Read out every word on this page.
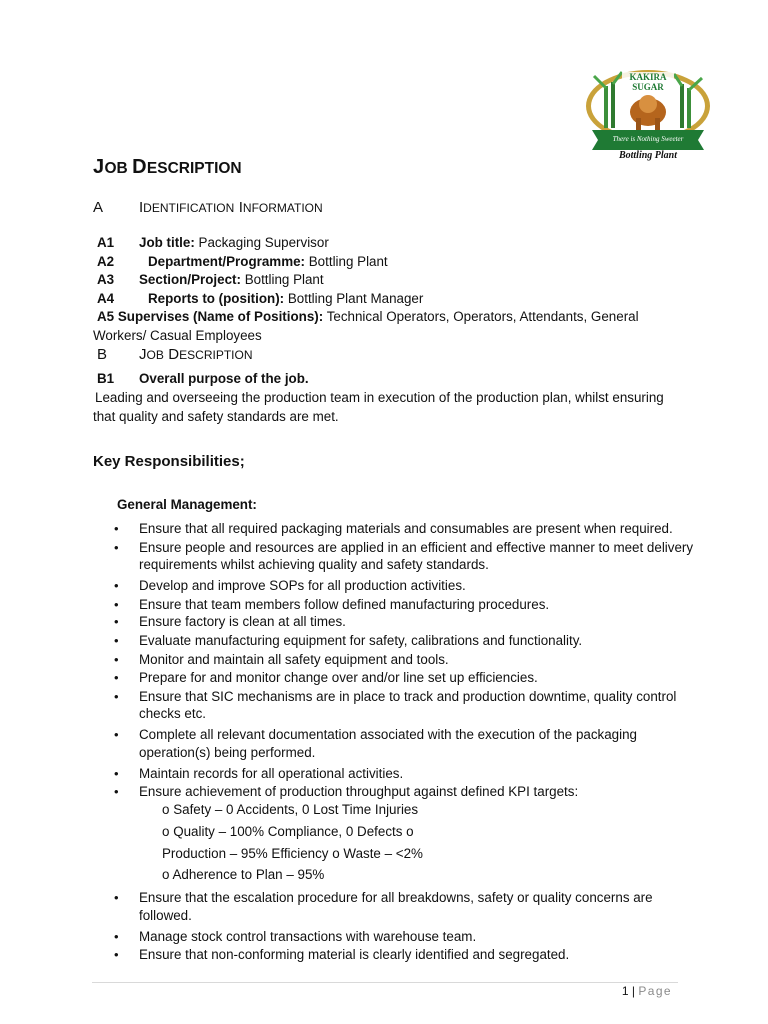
KAKIRA
SUGAR
There is Nothing Sweeter
Bottling Plant
JOB DESCRIPTION
A IDENTIFICATION INFORMATION
A1 Job title: Packaging Supervisor
A2	Department/Programme: Bottling Plant
A3 Section/Project: Bottling Plant
A4	Reports to (position): Bottling Plant Manager
A5 Supervises (Name of Positions): Technical Operators, Operators, Attendants, General
Workers/ Casual Employees
B JOB DESCRIPTION
B1 Overall purpose of the job.
Leading and overseeing the production team in execution of the production plan, whilst ensuring
that quality and safety standards are met.
Key Responsibilities;
General Management:
• Ensure that all required packaging materials and consumables are present when required.
• Ensure people and resources are applied in an efficient and effective manner to meet delivery
requirements whilst achieving quality and safety standards.
• Develop and improve SOPs for all production activities.
• Ensure that team members follow defined manufacturing procedures.
• Ensure factory is clean at all times.
• Evaluate manufacturing equipment for safety, calibrations and functionality.
• Monitor and maintain all safety equipment and tools.
• Prepare for and monitor change over and/or line set up efficiencies.
• Ensure that SIC mechanisms are in place to track and production downtime, quality control
checks etc.
• Complete all relevant documentation associated with the execution of the packaging
operation(s) being performed.
• Maintain records for all operational activities.
• Ensure achievement of production throughput against defined KPI targets:
o Safety – 0 Accidents, 0 Lost Time Injuries
o Quality – 100% Compliance, 0 Defects o
Production – 95% Efficiency o Waste – <2%
o Adherence to Plan – 95%
• Ensure that the escalation procedure for all breakdowns, safety or quality concerns are
followed.
• Manage stock control transactions with warehouse team.
• Ensure that non-conforming material is clearly identified and segregated.
1 | Page
